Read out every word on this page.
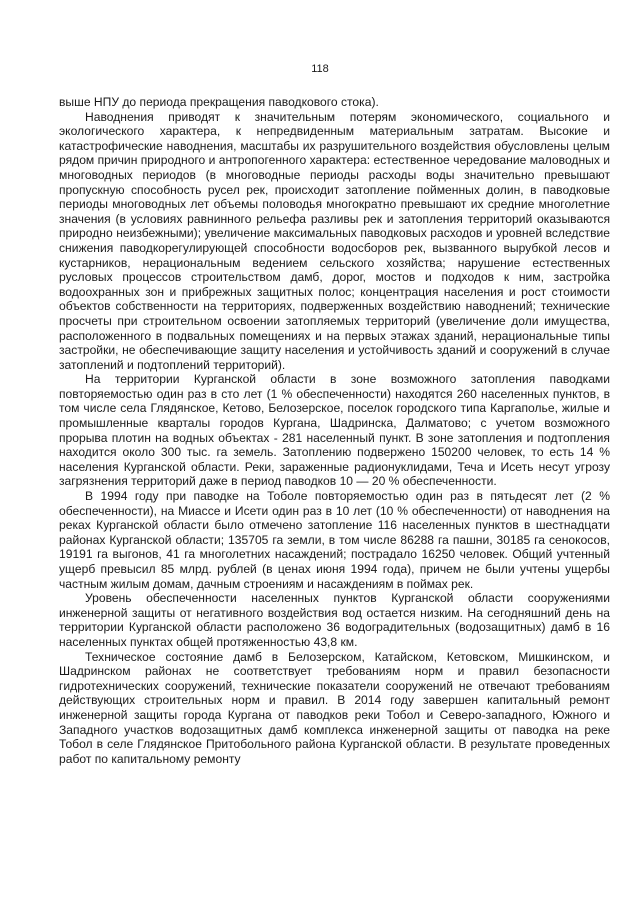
118

выше НПУ до периода прекращения паводкового стока).

Наводнения приводят к значительным потерям экономического, социального и экологического характера, к непредвиденным материальным затратам. Высокие и катастрофические наводнения, масштабы их разрушительного воздействия обусловлены целым рядом причин природного и антропогенного характера: естественное чередование маловодных и многоводных периодов (в многоводные периоды расходы воды значительно превышают пропускную способность русел рек, происходит затопление пойменных долин, в паводковые периоды многоводных лет объемы половодья многократно превышают их средние многолетние значения (в условиях равнинного рельефа разливы рек и затопления территорий оказываются природно неизбежными); увеличение максимальных паводковых расходов и уровней вследствие снижения паводкорегулирующей способности водосборов рек, вызванного вырубкой лесов и кустарников, нерациональным ведением сельского хозяйства; нарушение естественных русловых процессов строительством дамб, дорог, мостов и подходов к ним, застройка водоохранных зон и прибрежных защитных полос; концентрация населения и рост стоимости объектов собственности на территориях, подверженных воздействию наводнений; технические просчеты при строительном освоении затопляемых территорий (увеличение доли имущества, расположенного в подвальных помещениях и на первых этажах зданий, нерациональные типы застройки, не обеспечивающие защиту населения и устойчивость зданий и сооружений в случае затоплений и подтоплений территорий).

На территории Курганской области в зоне возможного затопления паводками повторяемостью один раз в сто лет (1 % обеспеченности) находятся 260 населенных пунктов, в том числе села Глядянское, Кетово, Белозерское, поселок городского типа Каргаполье, жилые и промышленные кварталы городов Кургана, Шадринска, Далматово; с учетом возможного прорыва плотин на водных объектах - 281 населенный пункт. В зоне затопления и подтопления находится около 300 тыс. га земель. Затоплению подвержено 150200 человек, то есть 14 % населения Курганской области. Реки, зараженные радионуклидами, Теча и Исеть несут угрозу загрязнения территорий даже в период паводков 10 — 20 % обеспеченности.

В 1994 году при паводке на Тоболе повторяемостью один раз в пятьдесят лет (2 % обеспеченности), на Миассе и Исети один раз в 10 лет (10 % обеспеченности) от наводнения на реках Курганской области было отмечено затопление 116 населенных пунктов в шестнадцати районах Курганской области; 135705 га земли, в том числе 86288 га пашни, 30185 га сенокосов, 19191 га выгонов, 41 га многолетних насаждений; пострадало 16250 человек. Общий учтенный ущерб превысил 85 млрд. рублей (в ценах июня 1994 года), причем не были учтены ущербы частным жилым домам, дачным строениям и насаждениям в поймах рек.

Уровень обеспеченности населенных пунктов Курганской области сооружениями инженерной защиты от негативного воздействия вод остается низким. На сегодняшний день на территории Курганской области расположено 36 водоградительных (водозащитных) дамб в 16 населенных пунктах общей протяженностью 43,8 км.

Техническое состояние дамб в Белозерском, Катайском, Кетовском, Мишкинском, и Шадринском районах не соответствует требованиям норм и правил безопасности гидротехнических сооружений, технические показатели сооружений не отвечают требованиям действующих строительных норм и правил. В 2014 году завершен капитальный ремонт инженерной защиты города Кургана от паводков реки Тобол и Северо-западного, Южного и Западного участков водозащитных дамб комплекса инженерной защиты от паводка на реке Тобол в селе Глядянское Притобольного района Курганской области. В результате проведенных работ по капитальному ремонту
